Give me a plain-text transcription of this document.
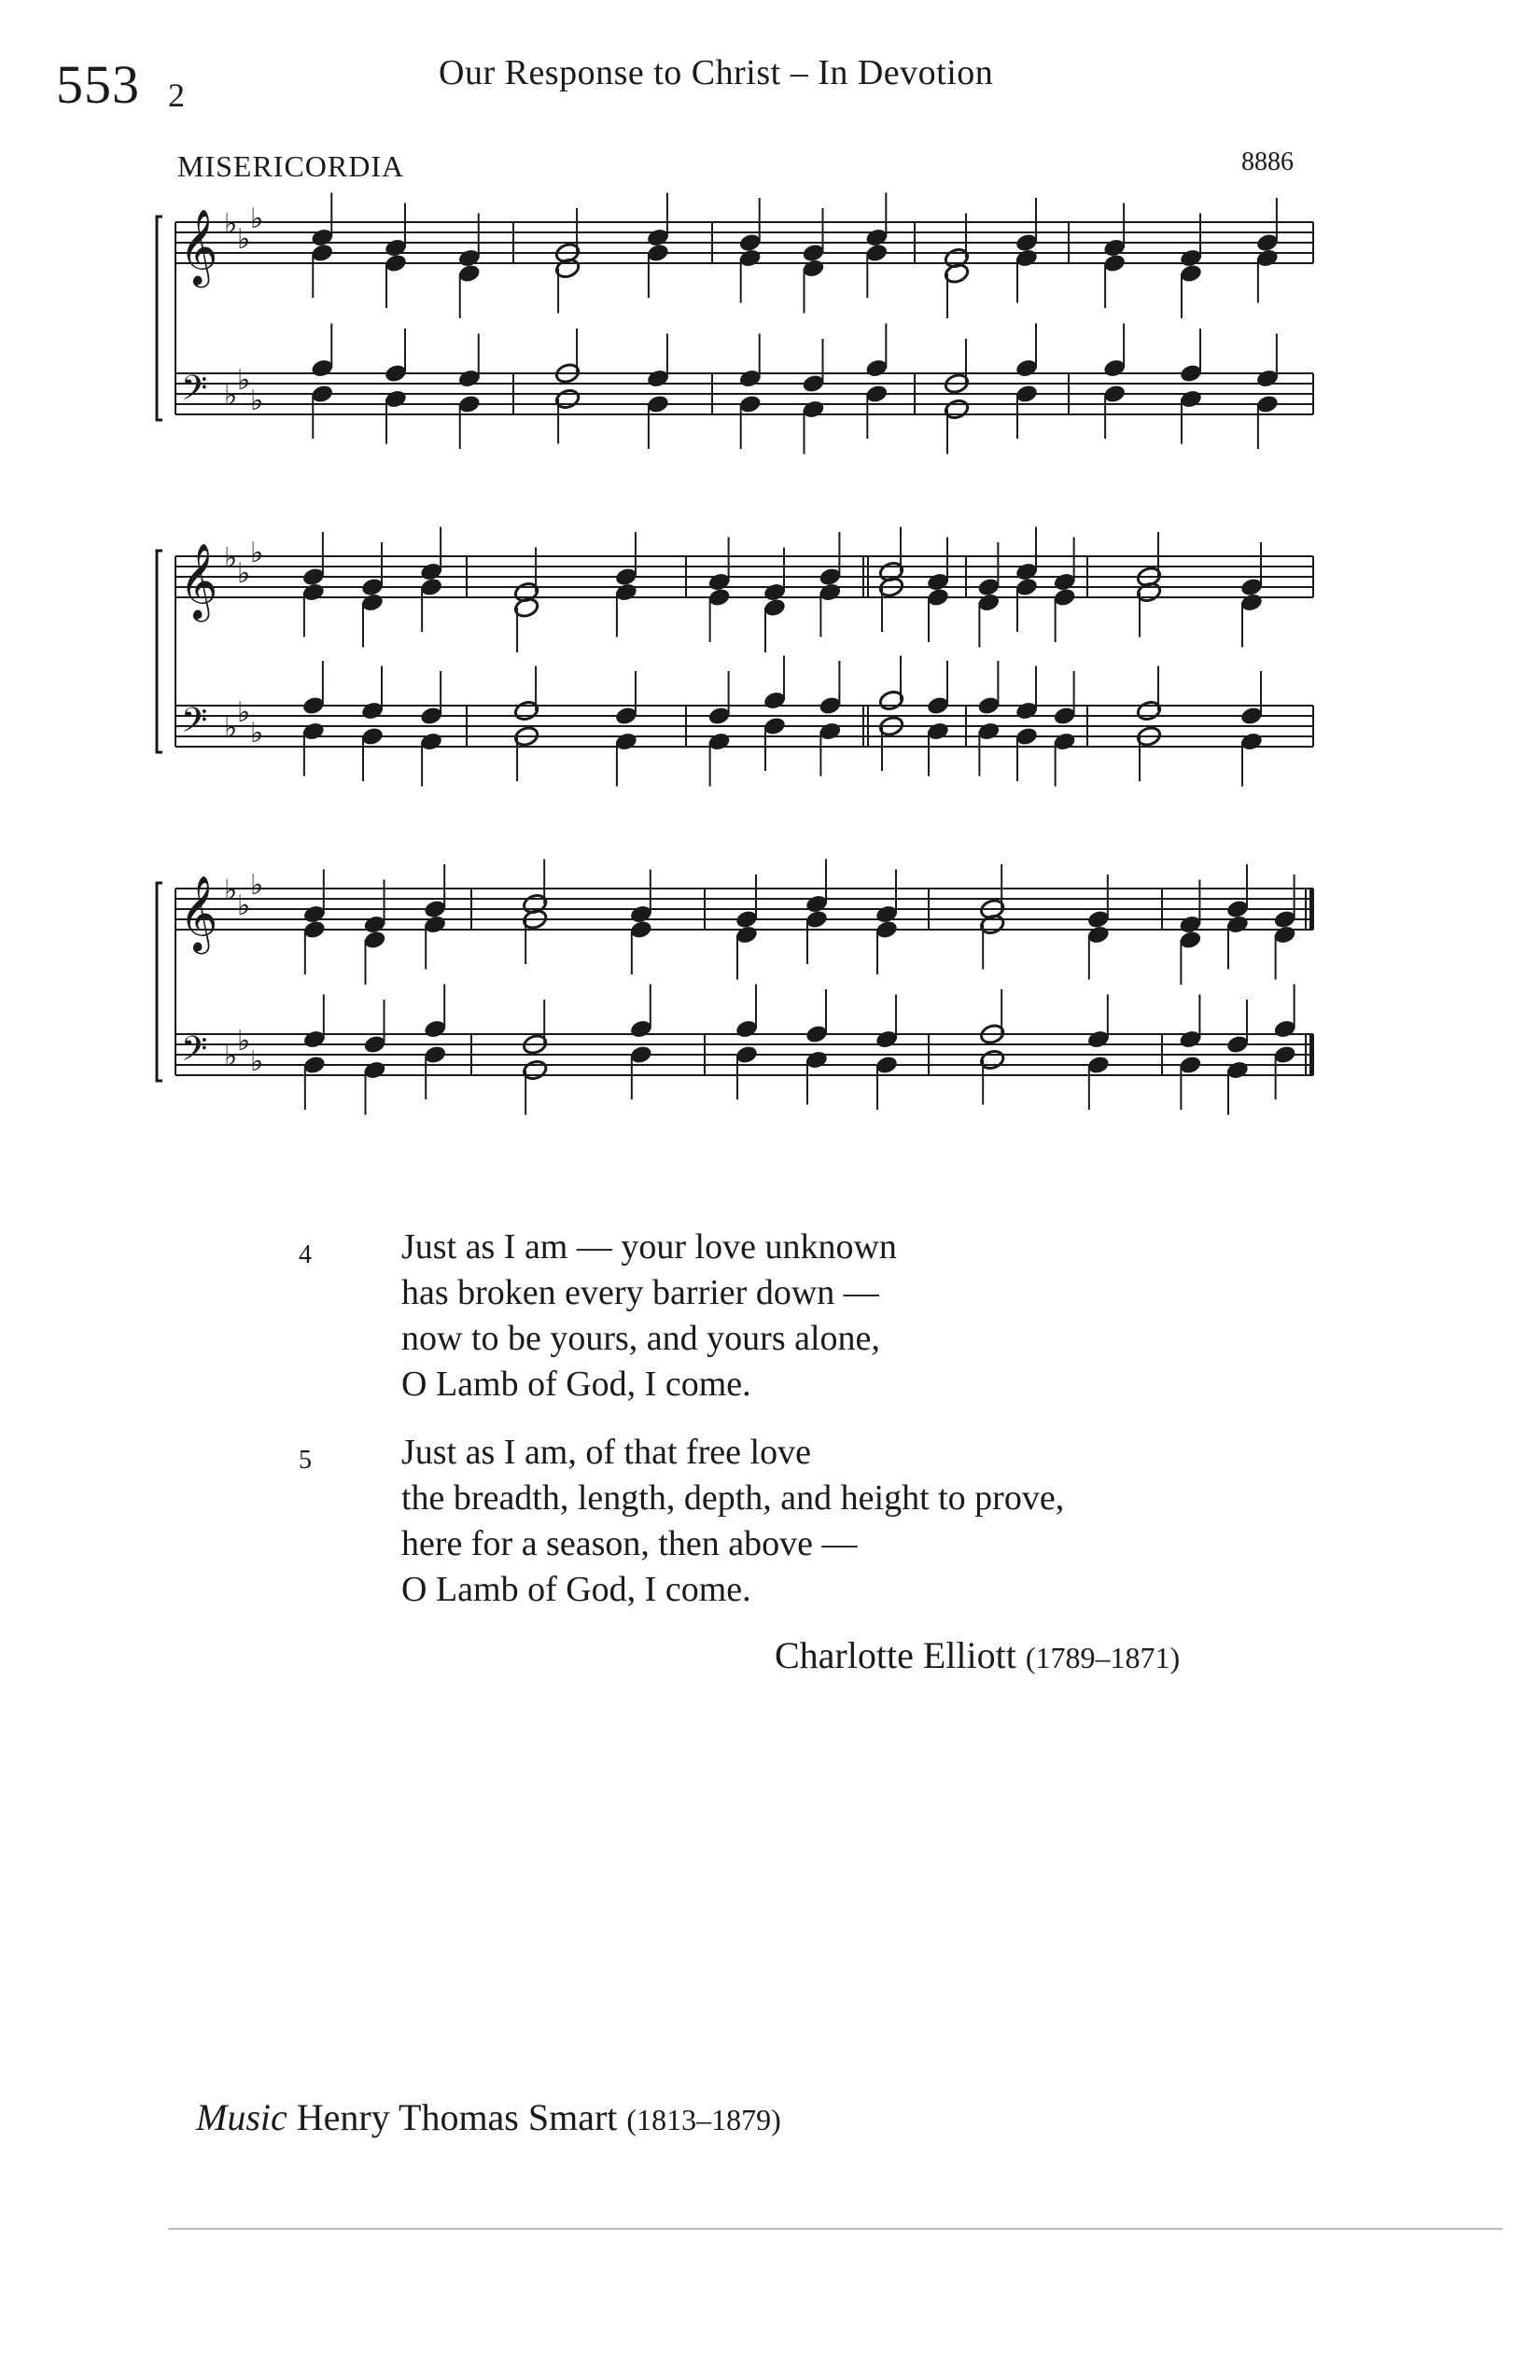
553 2
Our Response to Christ – In Devotion
MISERICORDIA	8886
𝄞
𝄢
♭ ♭
♭
♭ ♭
♭
𝄞
𝄢
♭ ♭
♭
♭ ♭
♭
𝄞
𝄢
♭ ♭
♭
♭ ♭
♭
4	Just as I am — your love unknown
has broken every barrier down —
now to be yours, and yours alone,
O Lamb of God, I come.
5	Just as I am, of that free love
the breadth, length, depth, and height to prove,
here for a season, then above —
O Lamb of God, I come.
Charlotte Elliott (1789–1871)
Music Henry Thomas Smart (1813–1879)
